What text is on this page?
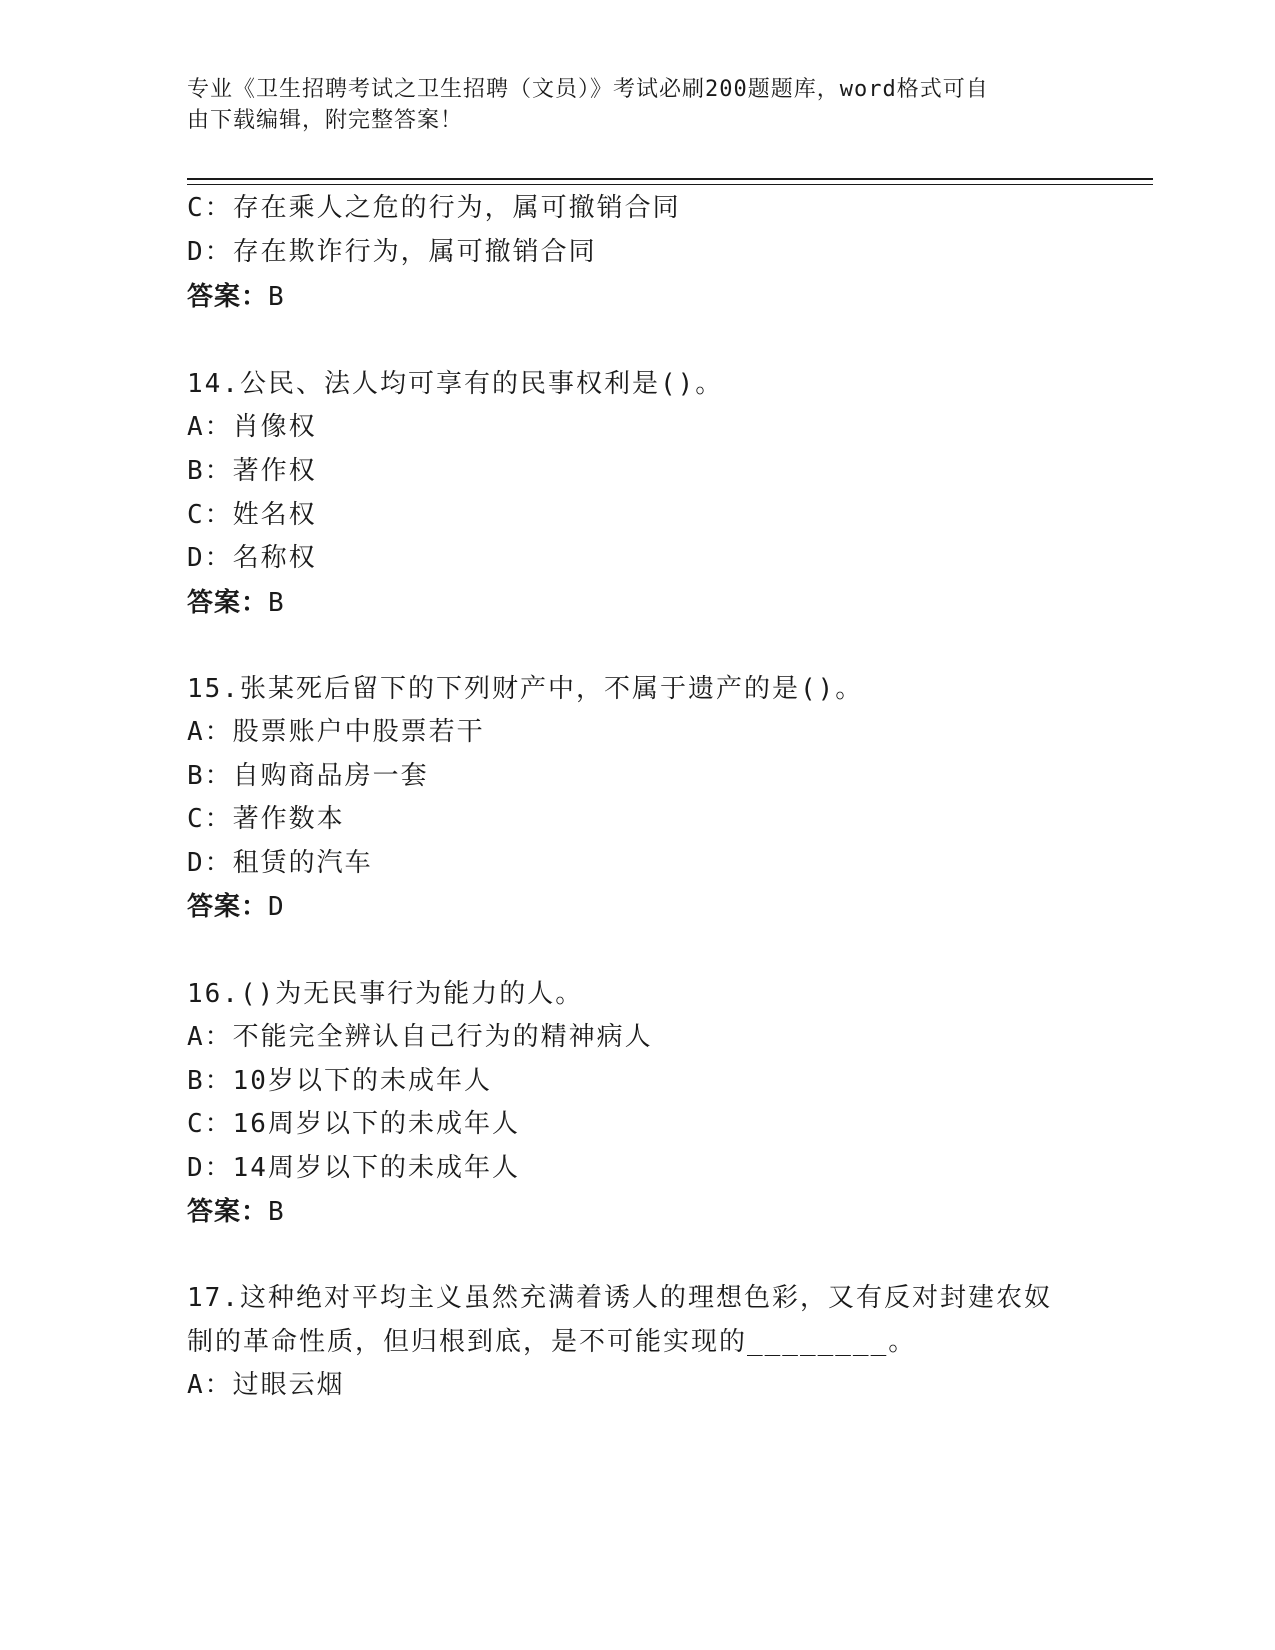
专业《卫生招聘考试之卫生招聘（文员）》考试必刷200题题库，word格式可自
由下载编辑，附完整答案！
C：存在乘人之危的行为，属可撤销合同
D：存在欺诈行为，属可撤销合同
答案：B
14.公民、法人均可享有的民事权利是()。
A：肖像权
B：著作权
C：姓名权
D：名称权
答案：B
15.张某死后留下的下列财产中，不属于遗产的是()。
A：股票账户中股票若干
B：自购商品房一套
C：著作数本
D：租赁的汽车
答案：D
16.()为无民事行为能力的人。
A：不能完全辨认自己行为的精神病人
B：10岁以下的未成年人
C：16周岁以下的未成年人
D：14周岁以下的未成年人
答案：B
17.这种绝对平均主义虽然充满着诱人的理想色彩，又有反对封建农奴
制的革命性质，但归根到底，是不可能实现的________。
A：过眼云烟
